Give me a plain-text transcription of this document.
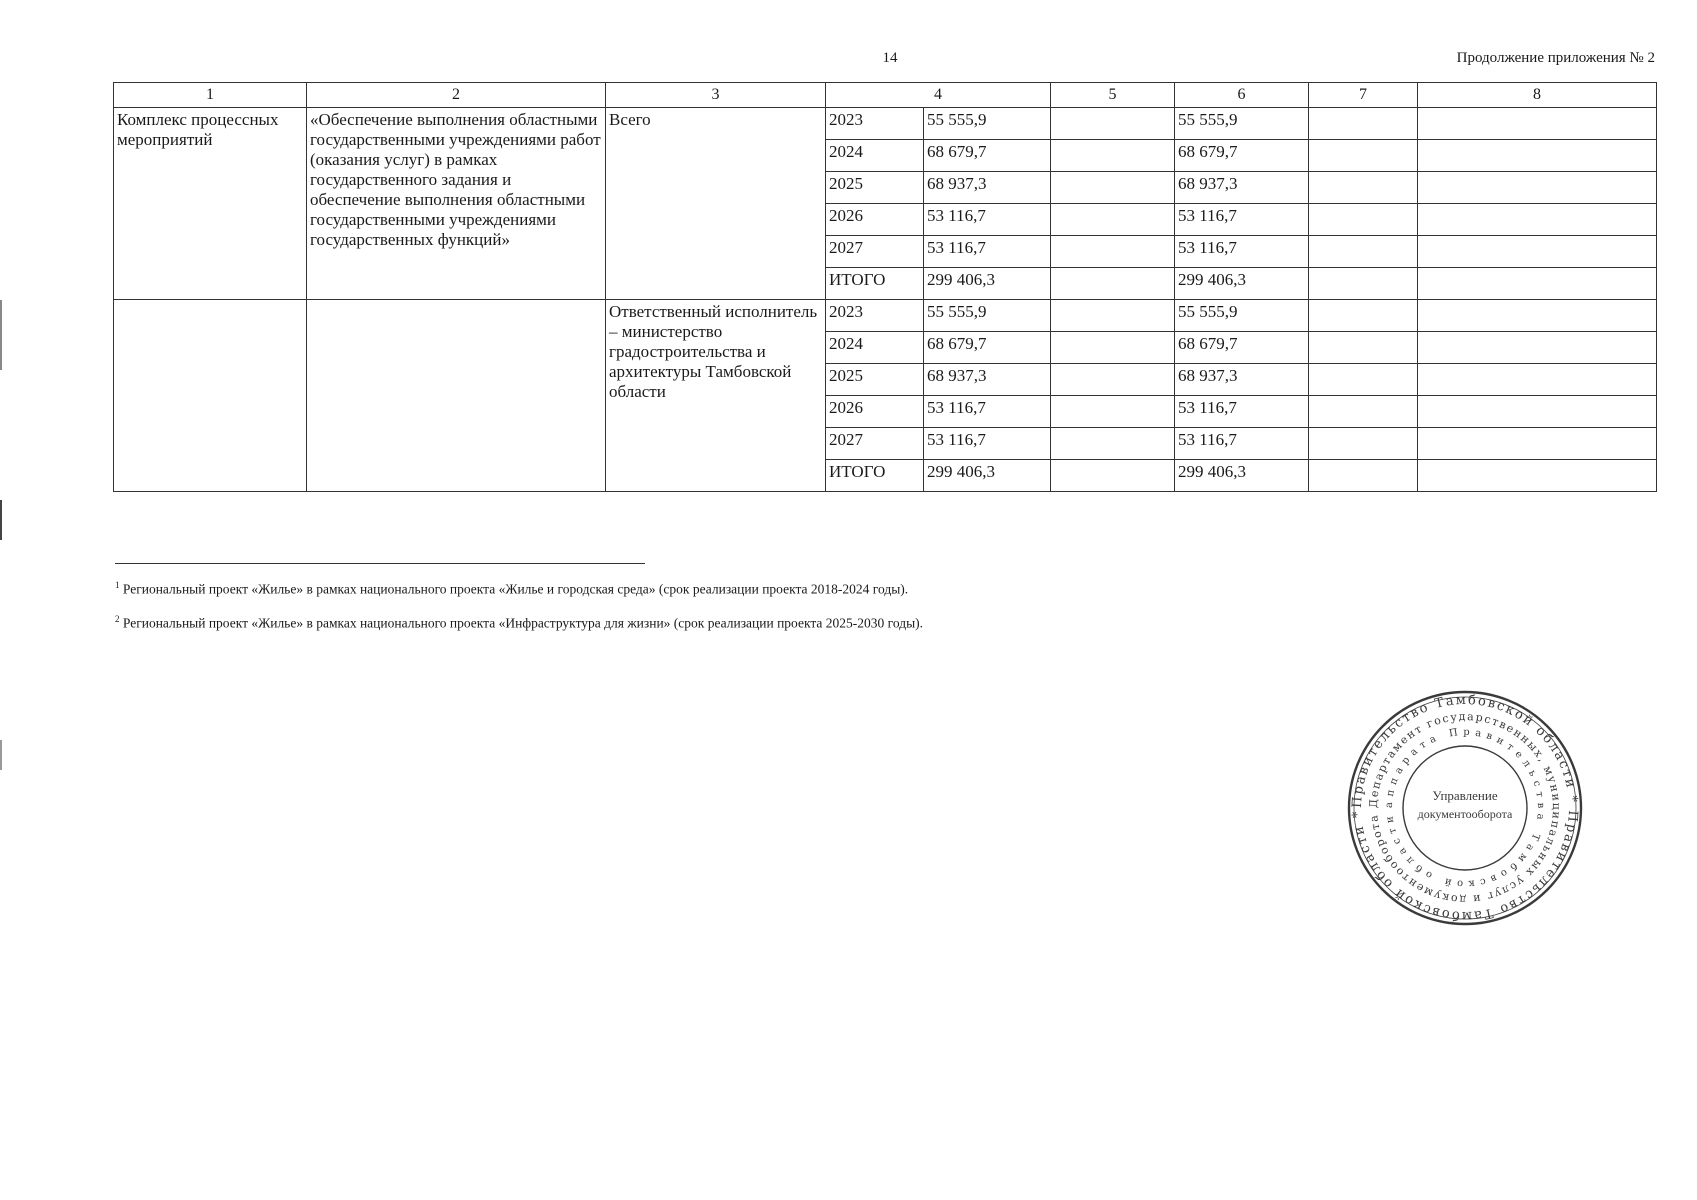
14	Продолжение приложения № 2
1	2	3	4		5	6	7	8
Комплекс процессных мероприятий	«Обеспечение выполнения областными государственными учреждениями работ (оказания услуг) в рамках государственного задания и обеспечение выполнения областными государственными учреждениями государственных функций»	Всего	2023	55 555,9		55 555,9		
			2024	68 679,7		68 679,7		
			2025	68 937,3		68 937,3		
			2026	53 116,7		53 116,7		
			2027	53 116,7		53 116,7		
			ИТОГО	299 406,3		299 406,3		
		Ответственный исполнитель – министерство градостроительства и архитектуры Тамбовской области	2023	55 555,9		55 555,9		
			2024	68 679,7		68 679,7		
			2025	68 937,3		68 937,3		
			2026	53 116,7		53 116,7		
			2027	53 116,7		53 116,7		
			ИТОГО	299 406,3		299 406,3		
$^1$ Региональный проект «Жилье» в рамках национального проекта «Жилье и городская среда» (срок реализации проекта 2018-2024 годы).
$^2$ Региональный проект «Жилье» в рамках национального проекта «Инфраструктура для жизни» (срок реализации проекта 2025-2030 годы).
Правительство Тамбовской области * Правительство Тамбовской области *
Департамент государственных, муниципальных услуг и документооборота
аппарата Правительства Тамбовской области
Управление
документооборота
